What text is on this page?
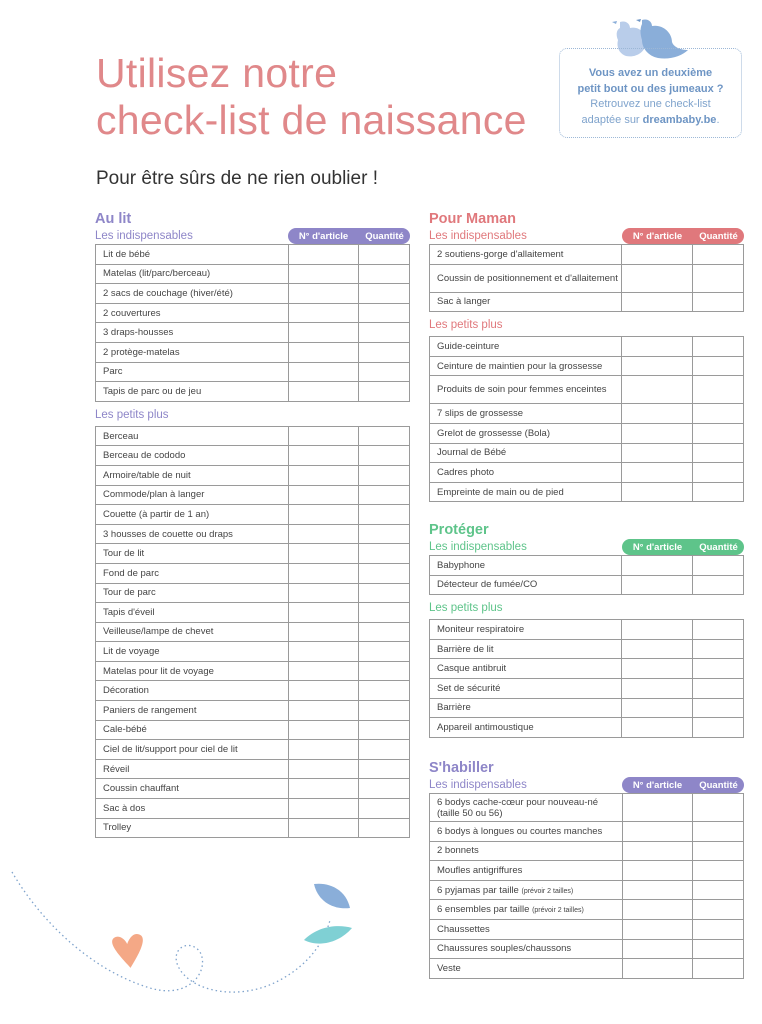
Utilisez notre
check-list de naissance
Pour être sûrs de ne rien oublier !
Vous avez un deuxième
petit bout ou des jumeaux ?
Retrouvez une check-list
adaptée sur dreambaby.be.
Au lit
Les indispensables	N° d'article	Quantité
Lit de bébé		
Matelas (lit/parc/berceau)		
2 sacs de couchage (hiver/été)		
2 couvertures		
3 draps-housses		
2 protège-matelas		
Parc		
Tapis de parc ou de jeu		
Les petits plus
Berceau		
Berceau de cododo		
Armoire/table de nuit		
Commode/plan à langer		
Couette (à partir de 1 an)		
3 housses de couette ou draps		
Tour de lit		
Fond de parc		
Tour de parc		
Tapis d'éveil		
Veilleuse/lampe de chevet		
Lit de voyage		
Matelas pour lit de voyage		
Décoration		
Paniers de rangement		
Cale-bébé		
Ciel de lit/support pour ciel de lit		
Réveil		
Coussin chauffant		
Sac à dos		
Trolley		
Pour Maman
Les indispensables	N° d'article	Quantité
2 soutiens-gorge d'allaitement		
Coussin de positionnement et d'allaitement		
Sac à langer		
Les petits plus
Guide-ceinture		
Ceinture de maintien pour la grossesse		
Produits de soin pour femmes enceintes		
7 slips de grossesse		
Grelot de grossesse (Bola)		
Journal de Bébé		
Cadres photo		
Empreinte de main ou de pied		
Protéger
Les indispensables	N° d'article	Quantité
Babyphone		
Détecteur de fumée/CO		
Les petits plus
Moniteur respiratoire		
Barrière de lit		
Casque antibruit		
Set de sécurité		
Barrière		
Appareil antimoustique		
S'habiller
Les indispensables	N° d'article	Quantité
6 bodys cache-cœur pour nouveau-né (taille 50 ou 56)		
6 bodys à longues ou courtes manches		
2 bonnets		
Moufles antigriffures		
6 pyjamas par taille (prévoir 2 tailles)		
6 ensembles par taille (prévoir 2 tailles)		
Chaussettes		
Chaussures souples/chaussons		
Veste		
